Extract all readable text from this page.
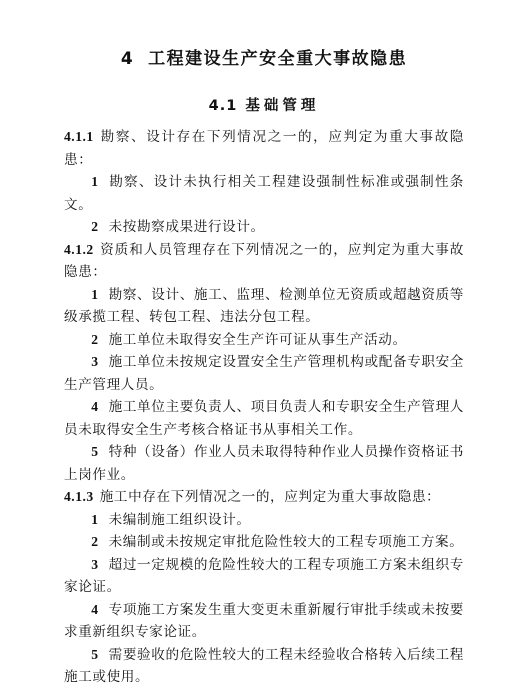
4 工程建设生产安全重大事故隐患
4.1 基础管理

4.1.1 勘察、设计存在下列情况之一的，应判定为重大事故隐患：

1 勘察、设计未执行相关工程建设强制性标准或强制性条文。

2 未按勘察成果进行设计。

4.1.2 资质和人员管理存在下列情况之一的，应判定为重大事故隐患：

1 勘察、设计、施工、监理、检测单位无资质或超越资质等级承揽工程、转包工程、违法分包工程。

2 施工单位未取得安全生产许可证从事生产活动。

3 施工单位未按规定设置安全生产管理机构或配备专职安全生产管理人员。

4 施工单位主要负责人、项目负责人和专职安全生产管理人员未取得安全生产考核合格证书从事相关工作。

5 特种（设备）作业人员未取得特种作业人员操作资格证书上岗作业。

4.1.3 施工中存在下列情况之一的，应判定为重大事故隐患：

1 未编制施工组织设计。

2 未编制或未按规定审批危险性较大的工程专项施工方案。

3 超过一定规模的危险性较大的工程专项施工方案未组织专家论证。

4 专项施工方案发生重大变更未重新履行审批手续或未按要求重新组织专家论证。

5 需要验收的危险性较大的工程未经验收合格转入后续工程施工或使用。
